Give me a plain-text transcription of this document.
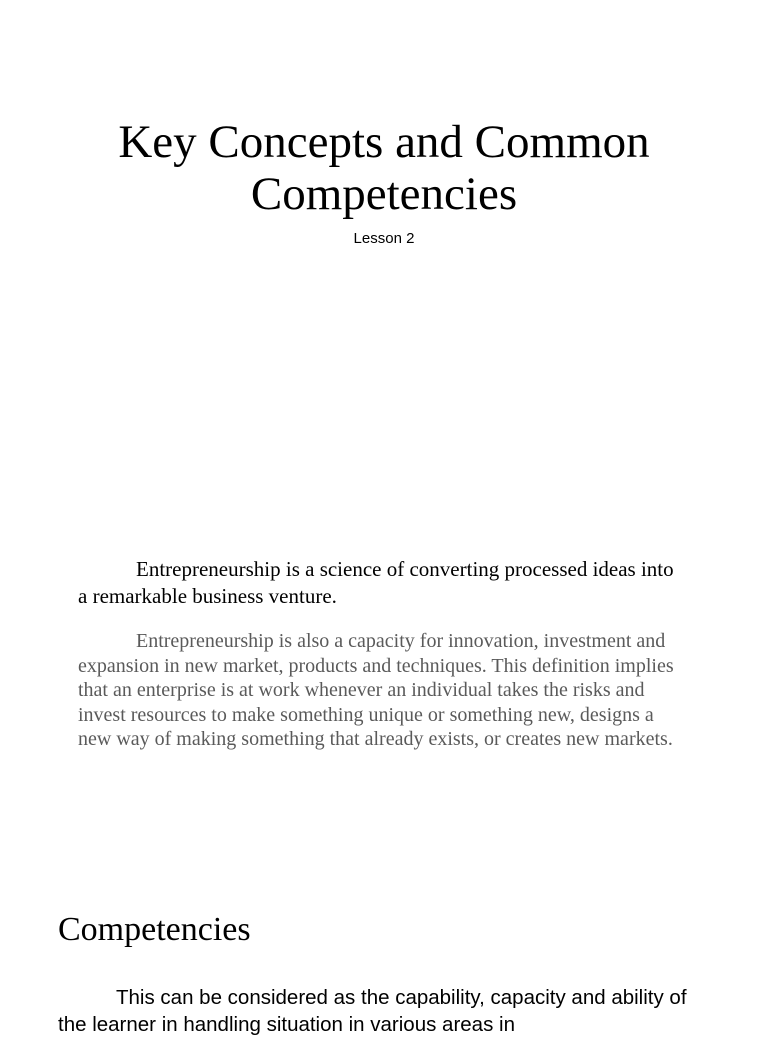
Key Concepts and Common Competencies

Lesson 2

Entrepreneurship is a science of converting processed ideas into a remarkable business venture.

Entrepreneurship is also a capacity for innovation, investment and expansion in new market, products and techniques. This definition implies that an enterprise is at work whenever an individual takes the risks and invest resources to make something unique or something new, designs a new way of making something that already exists, or creates new markets.

Competencies

This can be considered as the capability, capacity and ability of the learner in handling situation in various areas in
